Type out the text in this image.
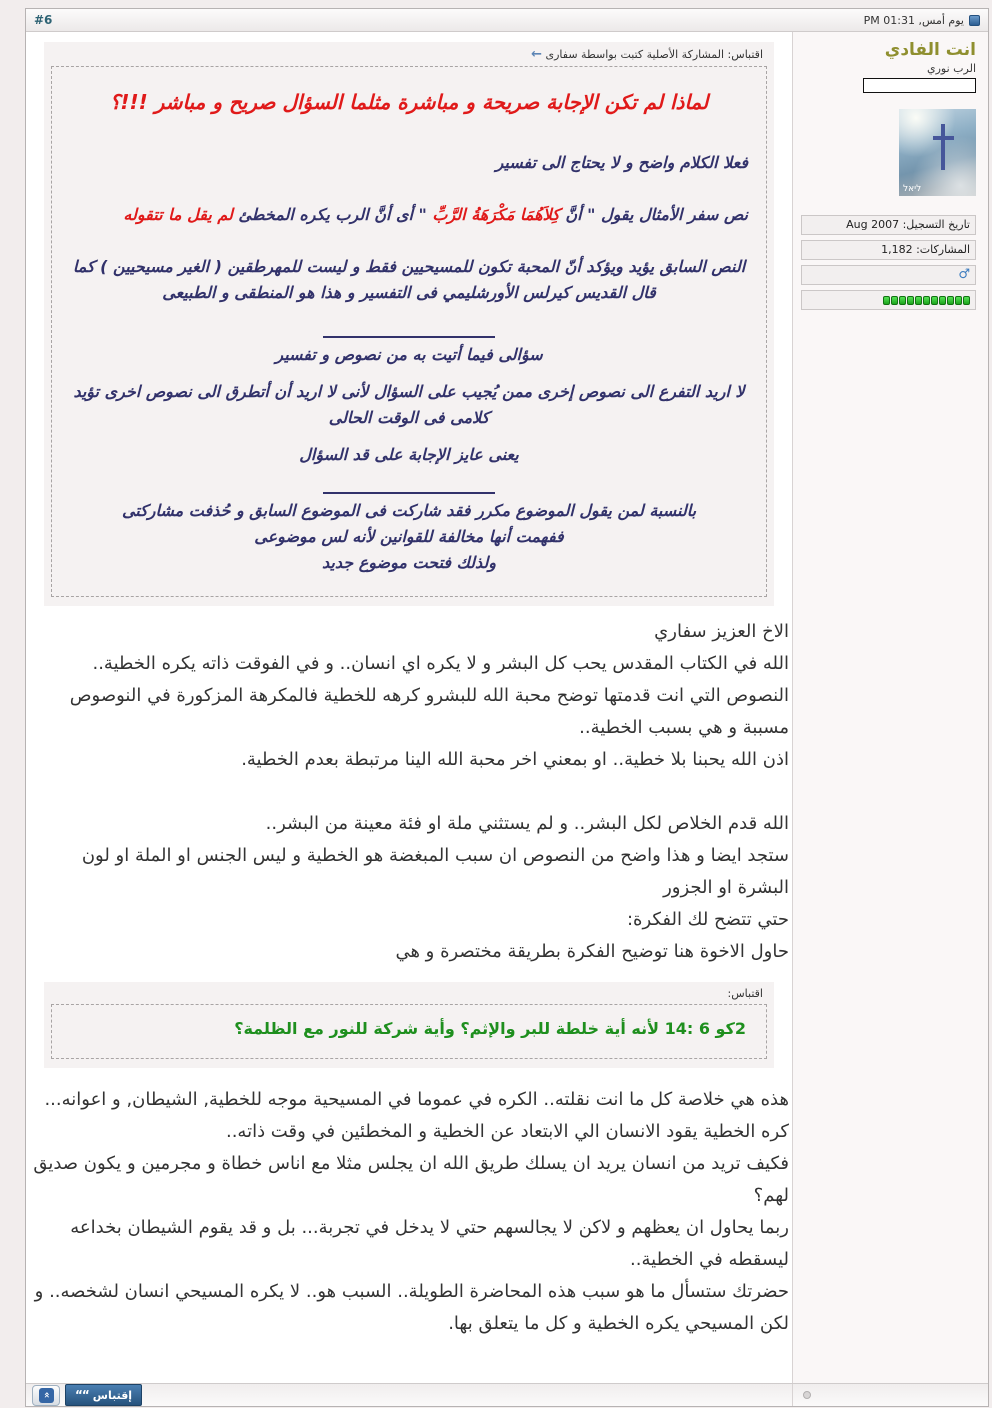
يوم أمس, 01:31 PM
#6
انت الفادي
الرب نوري
ליאל
تاريخ التسجيل: Aug 2007
المشاركات: 1,182
♂
اقتباس: المشاركة الأصلية كتبت بواسطة سفارى ←
لماذا لم تكن الإجابة صريحة و مباشرة مثلما السؤال صريح و مباشر !!!؟

فعلا الكلام واضح و لا يحتاج الى تفسير

نص سفر الأمثال يقول " أنَّ كِلاَهُمَا مَكْرَهَةُ الرَّبِّ " أى أنَّ الرب يكره المخطئ لم يقل ما تتقوله

النص السابق يؤيد ويؤكد أنّ المحبة تكون للمسيحيين فقط و ليست للمهرطقين ( الغير مسيحيين ) كما قال القديس كيرلس الأورشليمي فى التفسير و هذا هو المنطقى و الطبيعى

سؤالى فيما أتيت به من نصوص و تفسير

لا اريد التفرع الى نصوص إخرى ممن يُجيب على السؤال لأنى لا اريد أن أتطرق الى نصوص اخرى تؤيد كلامى فى الوقت الحالى

يعنى عايز الإجابة على قد السؤال

بالنسبة لمن يقول الموضوع مكرر فقد شاركت فى الموضوع السابق و حُذفت مشاركتى

ففهمت أنها مخالفة للقوانين لأنه لس موضوعى

ولذلك فتحت موضوع جديد

الاخ العزيز سفاري
الله في الكتاب المقدس يحب كل البشر و لا يكره اي انسان.. و في الفوقت ذاته يكره الخطية..
النصوص التي انت قدمتها توضح محبة الله للبشرو كرهه للخطية فالمكرهة المزكورة في النوصوص مسببة و هي بسبب الخطية..
اذن الله يحبنا بلا خطية.. او بمعني اخر محبة الله الينا مرتبطة بعدم الخطية.

الله قدم الخلاص لكل البشر.. و لم يستثني ملة او فئة معينة من البشر..
ستجد ايضا و هذا واضح من النصوص ان سبب المبغضة هو الخطية و ليس الجنس او الملة او لون البشرة او الجزور
حتي تتضح لك الفكرة:
حاول الاخوة هنا توضيح الفكرة بطريقة مختصرة و هي
اقتباس:
2كو 6 :14 لأنه أية خلطة للبر والإثم؟ وأية شركة للنور مع الظلمة؟
هذه هي خلاصة كل ما انت نقلته.. الكره في عموما في المسيحية موجه للخطية, الشيطان, و اعوانه...
كره الخطية يقود الانسان الي الابتعاد عن الخطية و المخطئين في وقت ذاته..
فكيف تريد من انسان يريد ان يسلك طريق الله ان يجلس مثلا مع اناس خطاة و مجرمين و يكون صديق لهم؟
ربما يحاول ان يعظهم و لاكن لا يجالسهم حتي لا يدخل في تجربة... بل و قد يقوم الشيطان بخداعه ليسقطه في الخطية..
حضرتك ستسأل ما هو سبب هذه المحاضرة الطويلة.. السبب هو.. لا يكره المسيحي انسان لشخصه.. و لكن المسيحي يكره الخطية و كل ما يتعلق بها.
إقتباس
““
»
